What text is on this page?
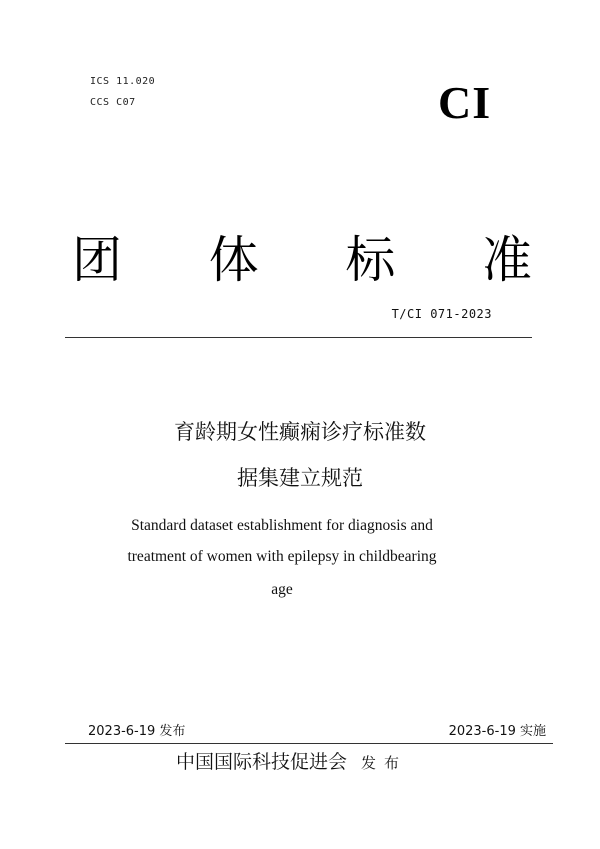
ICS 11.020
CCS C07	CI
团 体 标 准
T/CI 071-2023
育龄期女性癫痫诊疗标准数
据集建立规范
Standard dataset establishment for diagnosis and
treatment of women with epilepsy in childbearing
age
2023-6-19 发布	2023-6-19 实施
中国国际科技促进会 发布
